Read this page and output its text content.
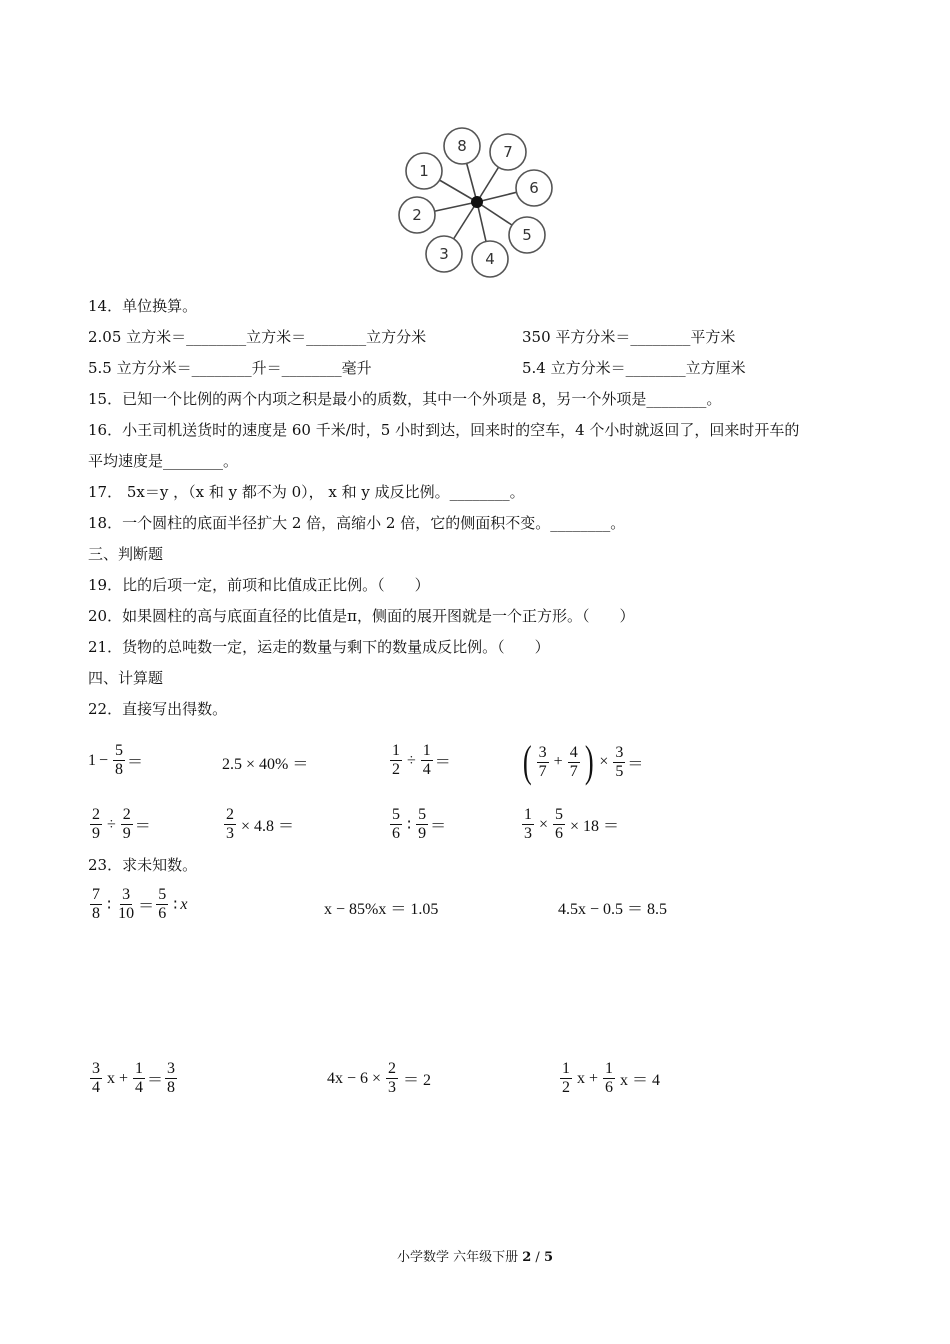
1
8 7
6
5
4
3
2
14．单位换算。
2.05 立方米＝________立方米＝________立方分米	350 平方分米＝________平方米
5.5 立方分米＝________升＝________毫升	5.4 立方分米＝________立方厘米
15．已知一个比例的两个内项之积是最小的质数，其中一个外项是 8，另一个外项是________。
16．小王司机送货时的速度是 60 千米/时，5 小时到达，回来时的空车，4 个小时就返回了，回来时开车的
平均速度是________。
17． 5x＝y ，（x 和 y 都不为 0）， x 和 y 成反比例。________。
18．一个圆柱的底面半径扩大 2 倍，高缩小 2 倍，它的侧面积不变。________。
三、判断题
19．比的后项一定，前项和比值成正比例。（　　）
20．如果圆柱的高与底面直径的比值是π，侧面的展开图就是一个正方形。（　　）
21．货物的总吨数一定，运走的数量与剩下的数量成反比例。（　　）
四、计算题
22．直接写出得数。
$1 - \frac{5}{8}$ ＝	2.5 × 40% ＝	$\frac{1}{2} \div \frac{1}{4}$ ＝ ( $\frac{3}{7} + \frac{4}{7}$ ) × $\frac{3}{5}$ ＝
$\frac{2}{9} \div \frac{2}{9}$ ＝	$\frac{2}{3} \times 4.8$ ＝	$\frac{5}{6}$ ∶ $\frac{5}{9}$ ＝	$\frac{1}{3} \times \frac{5}{6} \times 18$ ＝
23．求未知数。
$\frac{7}{8}$ ∶ $\frac{3}{10} = \frac{5}{6}$ ∶ x	x − 85%x ＝ 1.05	4.5x − 0.5 ＝ 8.5
$\frac{3}{4}$ $x + \frac{1}{4} = \frac{3}{8}$	$4x - 6 \times \frac{2}{3} = 2$	$\frac{1}{2}$ $x + \frac{1}{6}$ x ＝ 4
小学数学 六年级下册 2 / 5
